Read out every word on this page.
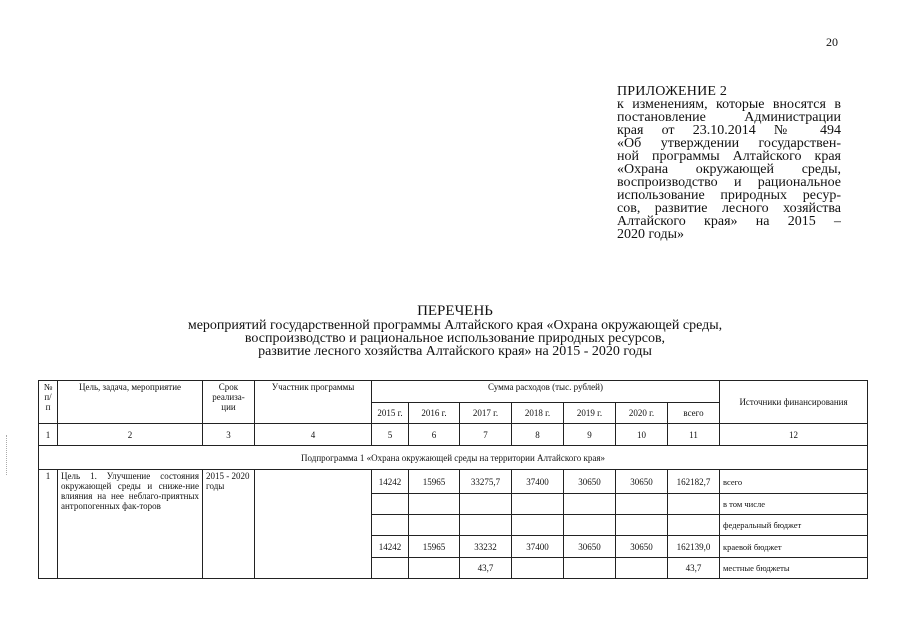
20
ПРИЛОЖЕНИЕ 2
к изменениям, которые вносятся в
постановление Администрации
края от 23.10.2014 № 494
«Об утверждении государствен-
ной программы Алтайского края
«Охрана окружающей среды,
воспроизводство и рациональное
использование природных ресур-
сов, развитие лесного хозяйства
Алтайского края» на 2015 –
2020 годы»
ПЕРЕЧЕНЬ
мероприятий государственной программы Алтайского края «Охрана окружающей среды,
воспроизводство и рациональное использование природных ресурсов,
развитие лесного хозяйства Алтайского края» на 2015 - 2020 годы
№ п/п	Цель, задача, мероприятие	Срок реализа-ции	Участник программы	Сумма расходов (тыс. рублей)							Источники финансирования
				2015 г.	2016 г.	2017 г.	2018 г.	2019 г.	2020 г.	всего	
1	2	3	4	5	6	7	8	9	10	11	12
Подпрограмма 1 «Охрана окружающей среды на территории Алтайского края»											
1	Цель 1. Улучшение состояния окружающей среды и сниже-ние влияния на нее неблаго-приятных антропогенных фак-торов	2015 - 2020 годы		14242	15965	33275,7	37400	30650	30650	162182,7	всего
											в том числе
											федеральный бюджет
				14242	15965	33232	37400	30650	30650	162139,0	краевой бюджет
						43,7				43,7	местные бюджеты
